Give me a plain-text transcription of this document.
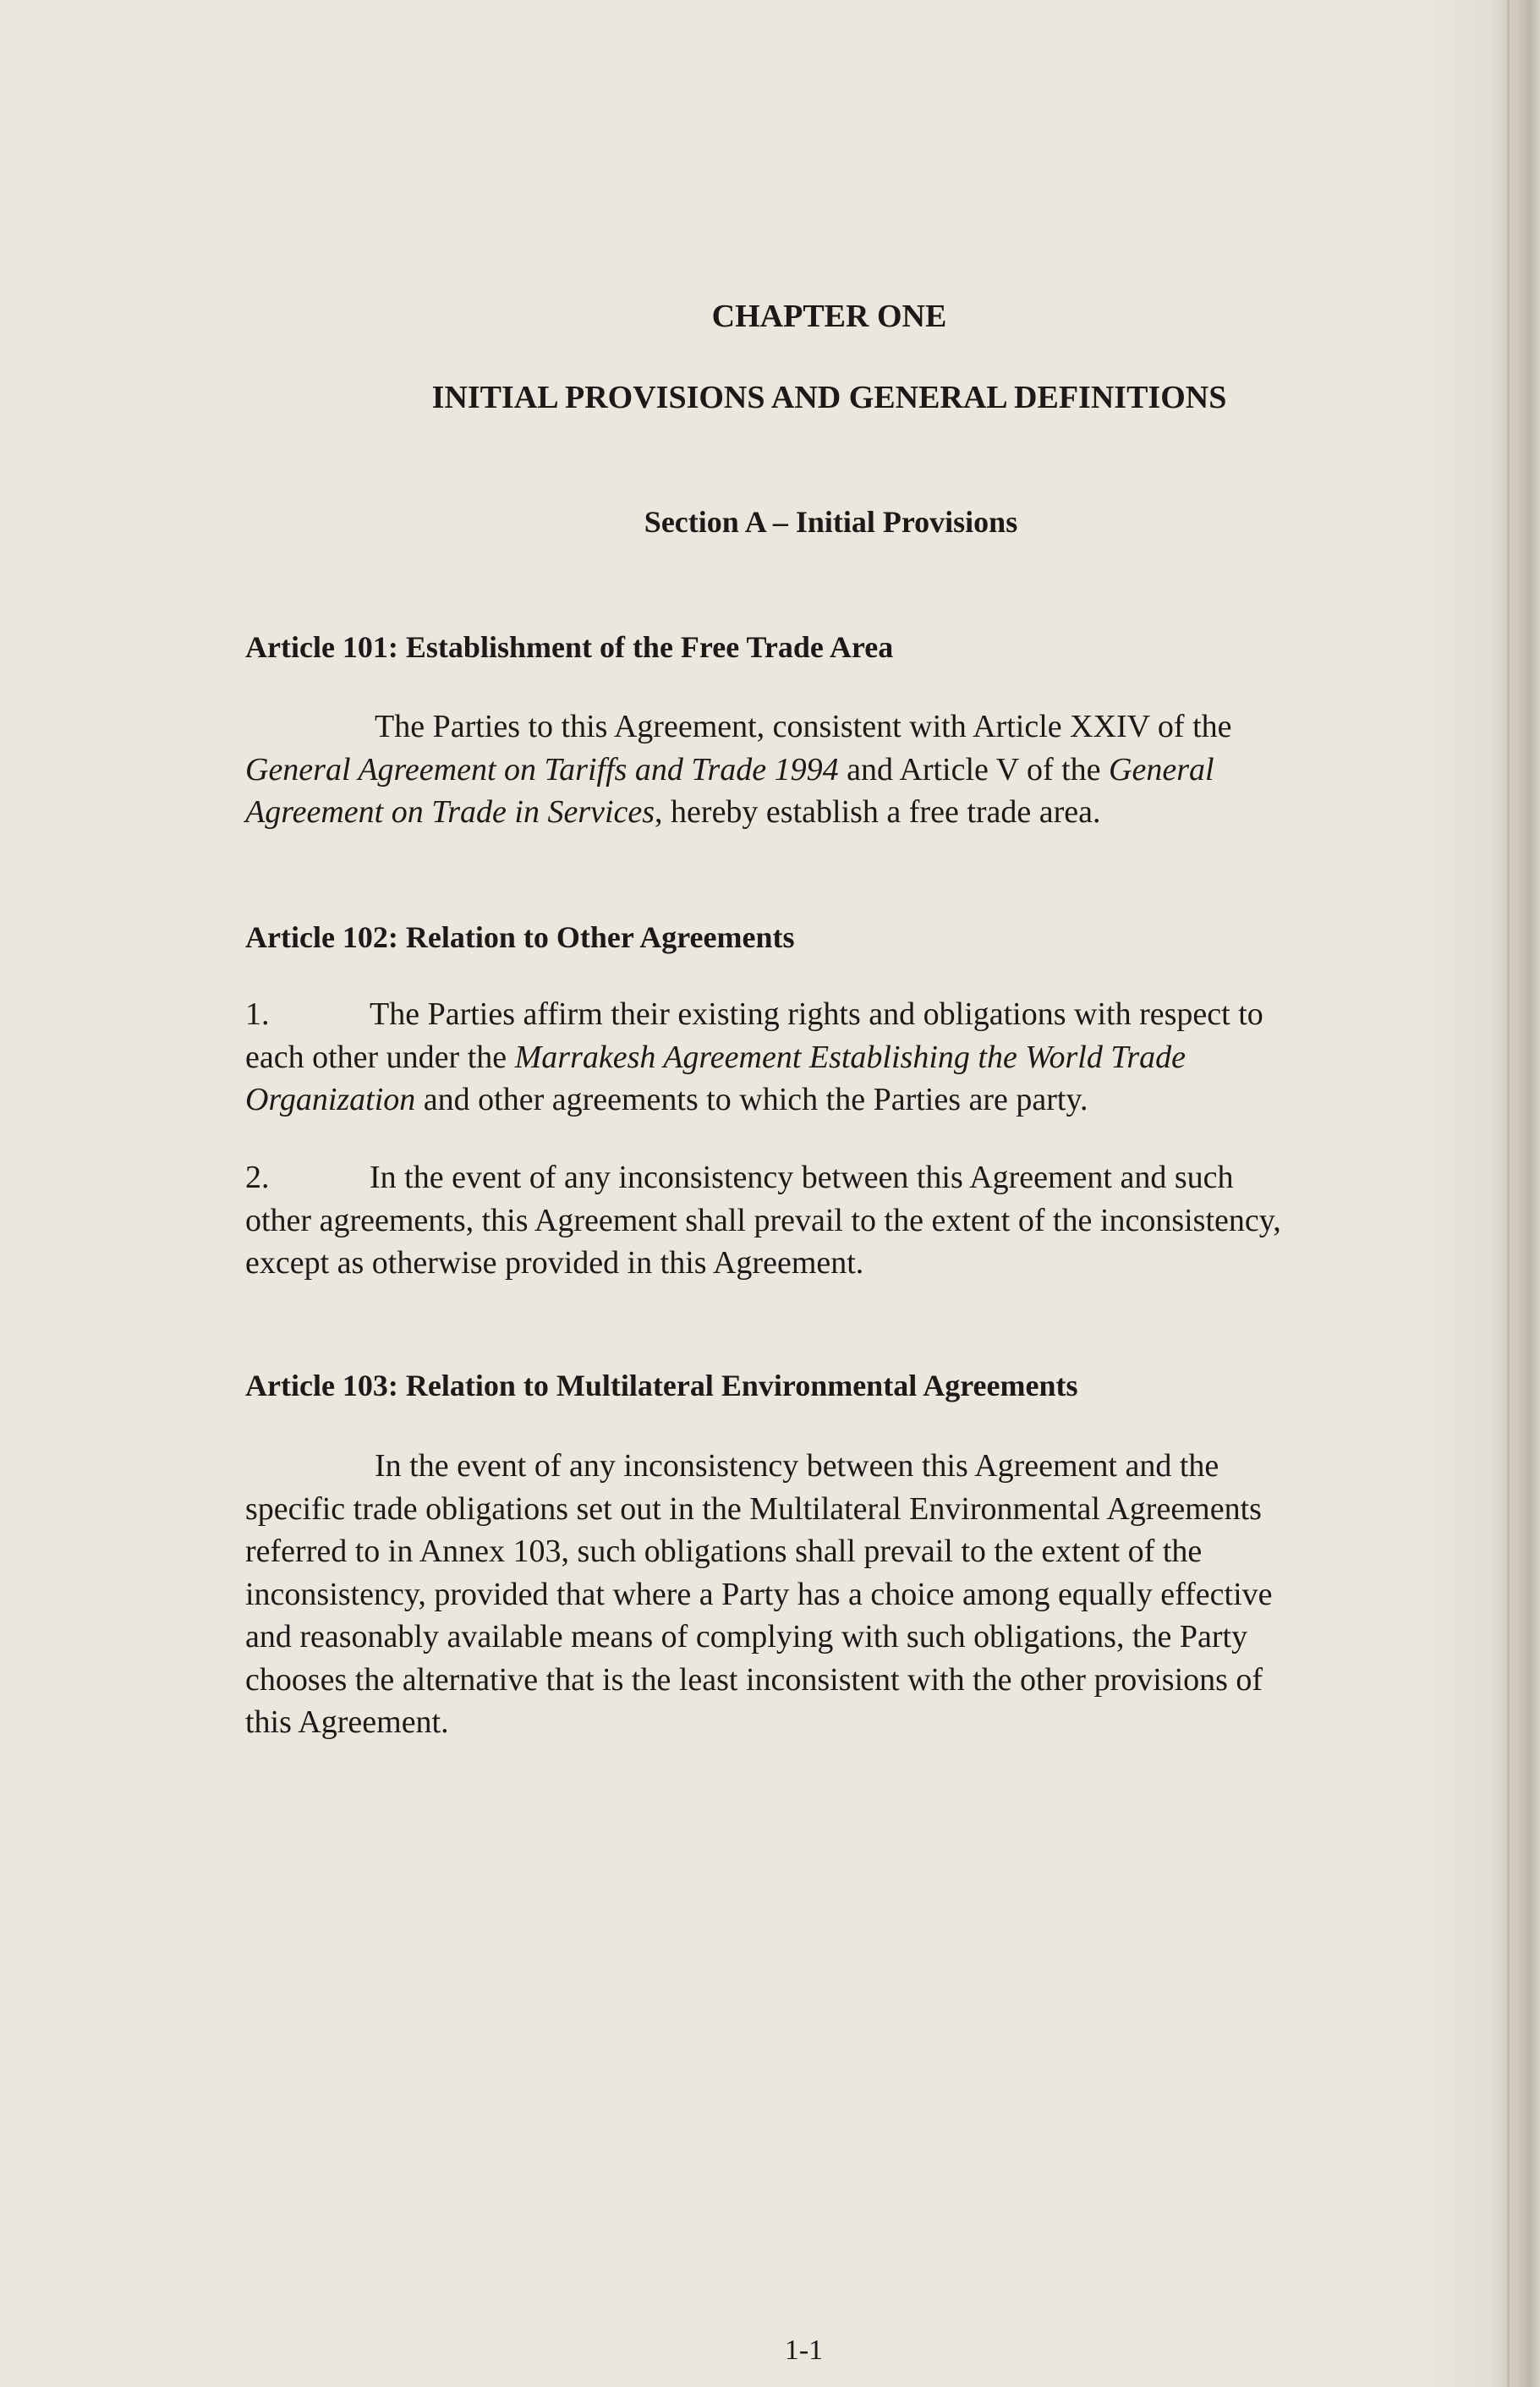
CHAPTER ONE
INITIAL PROVISIONS AND GENERAL DEFINITIONS
Section A – Initial Provisions
Article 101: Establishment of the Free Trade Area
The Parties to this Agreement, consistent with Article XXIV of the
General Agreement on Tariffs and Trade 1994 and Article V of the General
Agreement on Trade in Services, hereby establish a free trade area.
Article 102: Relation to Other Agreements
1.	The Parties affirm their existing rights and obligations with respect to
each other under the Marrakesh Agreement Establishing the World Trade
Organization and other agreements to which the Parties are party.
2.	In the event of any inconsistency between this Agreement and such
other agreements, this Agreement shall prevail to the extent of the inconsistency,
except as otherwise provided in this Agreement.
Article 103: Relation to Multilateral Environmental Agreements
In the event of any inconsistency between this Agreement and the
specific trade obligations set out in the Multilateral Environmental Agreements
referred to in Annex 103, such obligations shall prevail to the extent of the
inconsistency, provided that where a Party has a choice among equally effective
and reasonably available means of complying with such obligations, the Party
chooses the alternative that is the least inconsistent with the other provisions of
this Agreement.
1-1
